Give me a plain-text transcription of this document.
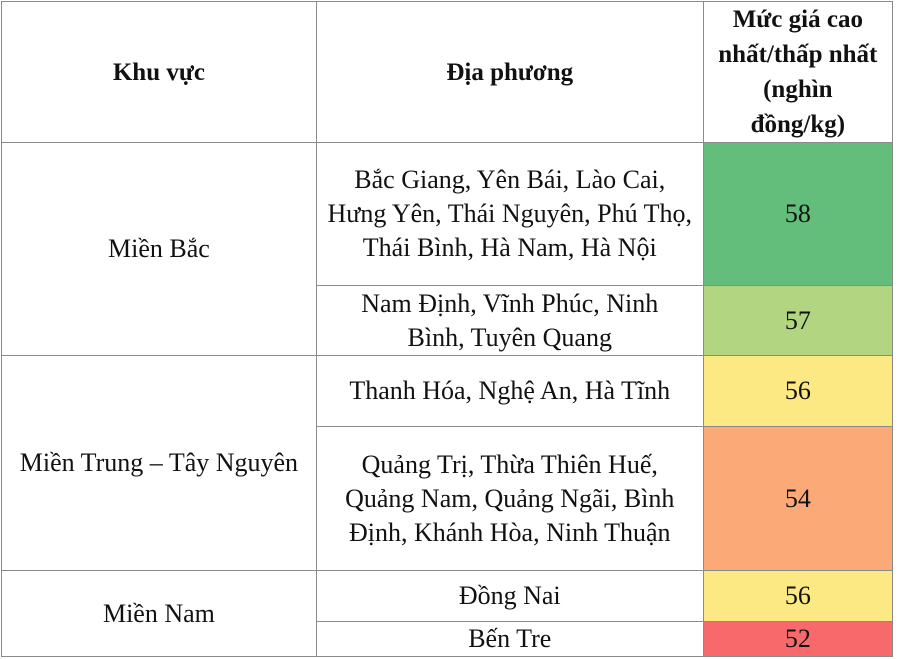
Khu vực	Địa phương	Mức giá cao nhất/thấp nhất (nghìn đồng/kg)
Miền Bắc	Bắc Giang, Yên Bái, Lào Cai, Hưng Yên, Thái Nguyên, Phú Thọ, Thái Bình, Hà Nam, Hà Nội	58
	Nam Định, Vĩnh Phúc, Ninh Bình, Tuyên Quang	57
Miền Trung – Tây Nguyên	Thanh Hóa, Nghệ An, Hà Tĩnh	56
	Quảng Trị, Thừa Thiên Huế, Quảng Nam, Quảng Ngãi, Bình Định, Khánh Hòa, Ninh Thuận	54
Miền Nam	Đồng Nai	56
	Bến Tre	52
